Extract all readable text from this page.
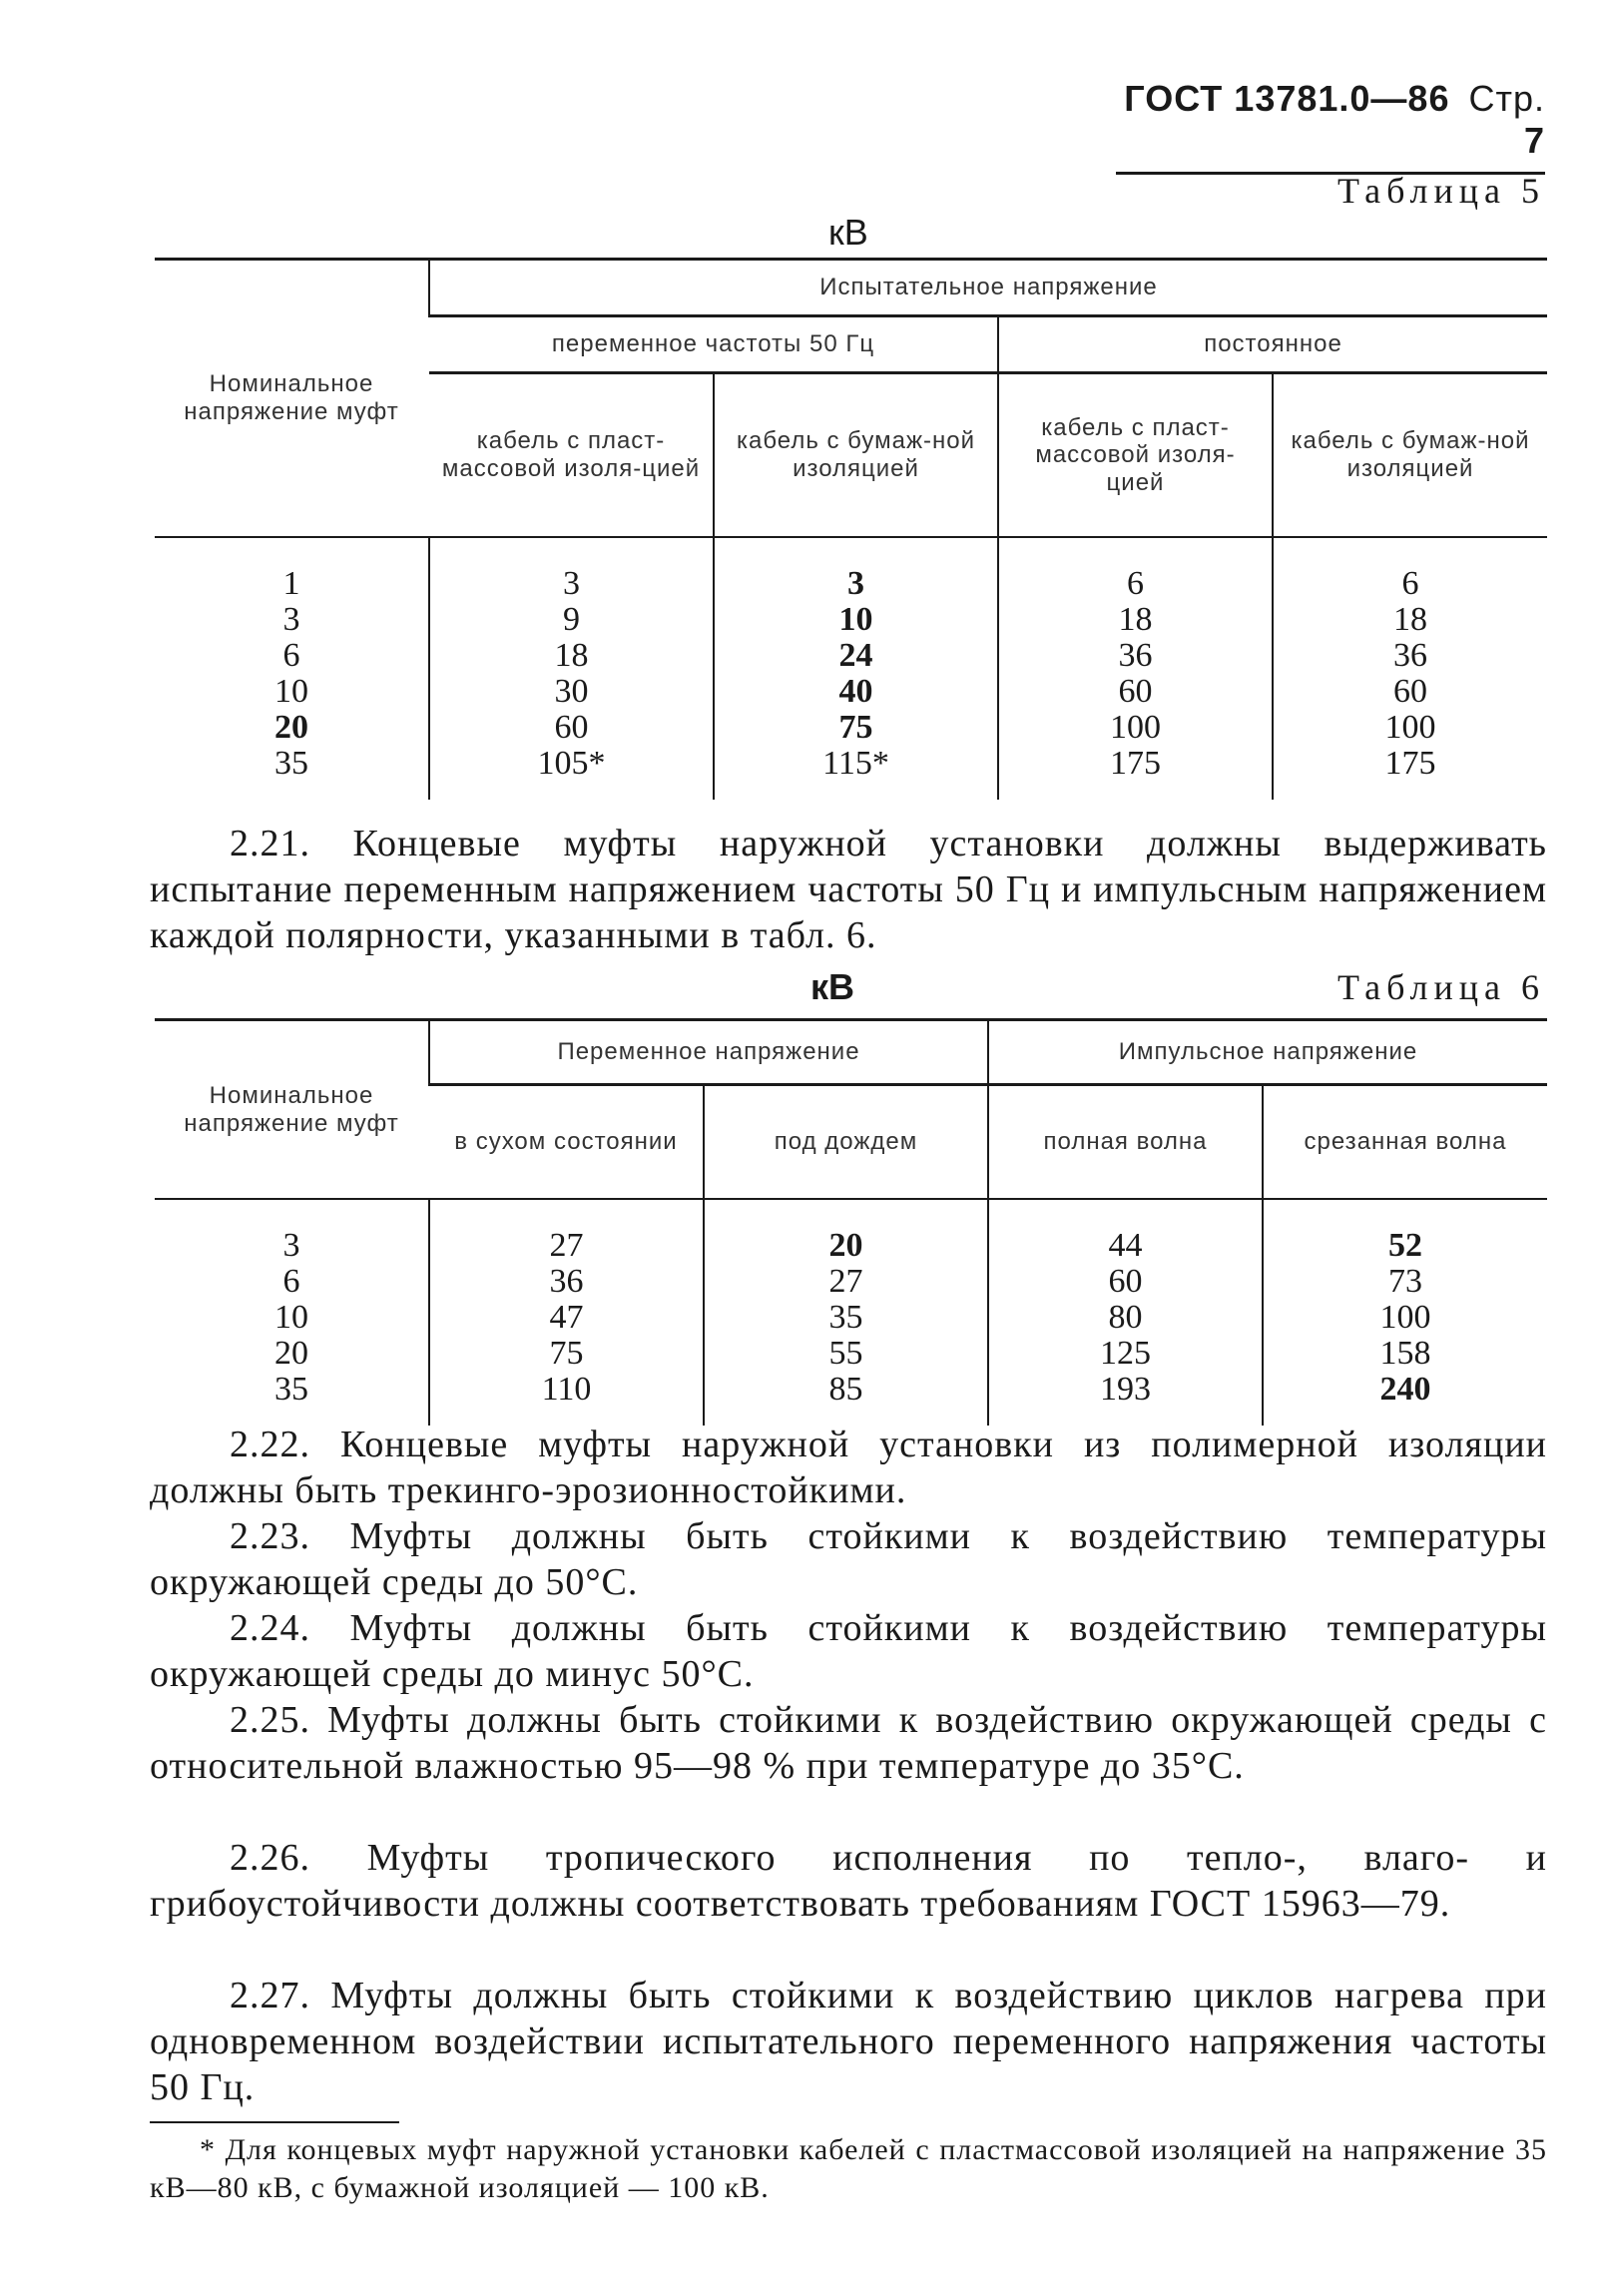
ГОСТ 13781.0—86 Стр. 7
Таблица 5
кВ
Номинальное напряжение муфт	Испытательное напряжение			
	переменное частоты 50 Гц		постоянное	
	кабель с пласт-массовой изоля-цией	кабель с бумаж-ной изоляцией	кабель с пласт-массовой изоля-цией	кабель с бумаж-ной изоляцией

1	3	3	6	6
3	9	10	18	18
6	18	24	36	36
10	30	40	60	60
20	60	75	100	100
35	105*	115*	175	175

2.21. Концевые муфты наружной установки должны выдерживать испытание переменным напряжением частоты 50 Гц и импульсным напряжением каждой полярности, указанными в табл. 6.
кВ	Таблица 6
Номинальное напряжение муфт	Переменное напряжение		Импульсное напряжение	
	в сухом состоянии	под дождем	полная волна	срезанная волна

3	27	20	44	52
6	36	27	60	73
10	47	35	80	100
20	75	55	125	158
35	110	85	193	240

2.22. Концевые муфты наружной установки из полимерной изоляции должны быть трекинго-эрозионностойкими.
2.23. Муфты должны быть стойкими к воздействию температуры окружающей среды до 50°С.
2.24. Муфты должны быть стойкими к воздействию температуры окружающей среды до минус 50°С.
2.25. Муфты должны быть стойкими к воздействию окружающей среды с относительной влажностью 95—98 % при температуре до 35°С.
2.26. Муфты тропического исполнения по тепло-, влаго- и грибоустойчивости должны соответствовать требованиям ГОСТ 15963—79.
2.27. Муфты должны быть стойкими к воздействию циклов нагрева при одновременном воздействии испытательного переменного напряжения частоты 50 Гц.
* Для концевых муфт наружной установки кабелей с пластмассовой изоляцией на напряжение 35 кВ—80 кВ, с бумажной изоляцией — 100 кВ.
